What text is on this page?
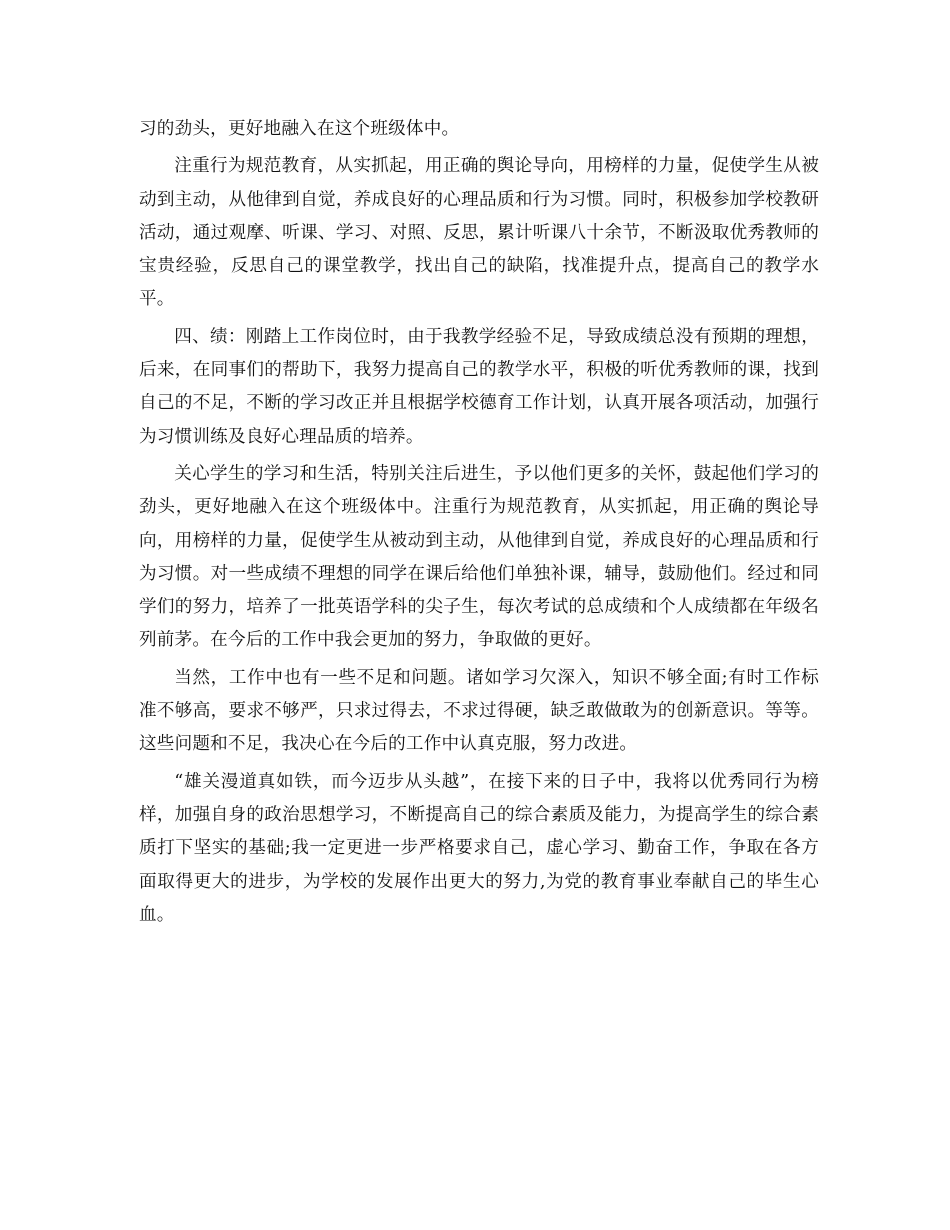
习的劲头，更好地融入在这个班级体中。

注重行为规范教育，从实抓起，用正确的舆论导向，用榜样的力量，促使学生从被动到主动，从他律到自觉，养成良好的心理品质和行为习惯。同时，积极参加学校教研活动，通过观摩、听课、学习、对照、反思，累计听课八十余节，不断汲取优秀教师的宝贵经验，反思自己的课堂教学，找出自己的缺陷，找准提升点，提高自己的教学水平。

四、绩：刚踏上工作岗位时，由于我教学经验不足，导致成绩总没有预期的理想，后来，在同事们的帮助下，我努力提高自己的教学水平，积极的听优秀教师的课，找到自己的不足，不断的学习改正并且根据学校德育工作计划，认真开展各项活动，加强行为习惯训练及良好心理品质的培养。

关心学生的学习和生活，特别关注后进生，予以他们更多的关怀，鼓起他们学习的劲头，更好地融入在这个班级体中。注重行为规范教育，从实抓起，用正确的舆论导向，用榜样的力量，促使学生从被动到主动，从他律到自觉，养成良好的心理品质和行为习惯。对一些成绩不理想的同学在课后给他们单独补课，辅导，鼓励他们。经过和同学们的努力，培养了一批英语学科的尖子生，每次考试的总成绩和个人成绩都在年级名列前茅。在今后的工作中我会更加的努力，争取做的更好。

当然，工作中也有一些不足和问题。诸如学习欠深入，知识不够全面;有时工作标准不够高，要求不够严，只求过得去，不求过得硬，缺乏敢做敢为的创新意识。等等。这些问题和不足，我决心在今后的工作中认真克服，努力改进。

“雄关漫道真如铁，而今迈步从头越”，在接下来的日子中，我将以优秀同行为榜样，加强自身的政治思想学习，不断提高自己的综合素质及能力，为提高学生的综合素质打下坚实的基础;我一定更进一步严格要求自己，虚心学习、勤奋工作，争取在各方面取得更大的进步，为学校的发展作出更大的努力,为党的教育事业奉献自己的毕生心血。
